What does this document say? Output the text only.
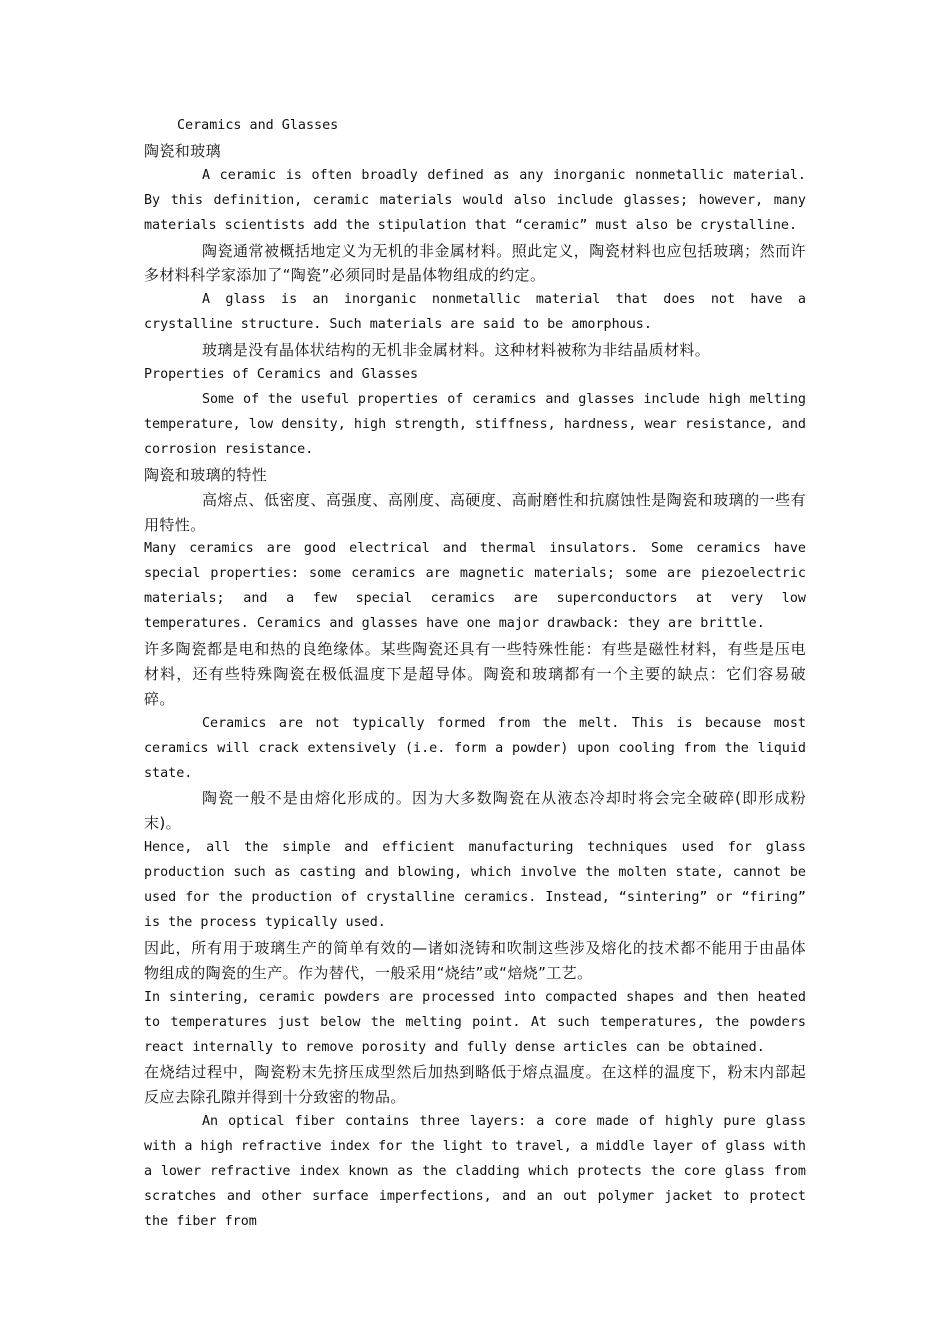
Ceramics and Glasses

陶瓷和玻璃

A ceramic is often broadly defined as any inorganic nonmetallic material. By this definition, ceramic materials would also include glasses; however, many materials scientists add the stipulation that “ceramic” must also be crystalline.

陶瓷通常被概括地定义为无机的非金属材料。照此定义，陶瓷材料也应包括玻璃；然而许多材料科学家添加了“陶瓷”必须同时是晶体物组成的约定。

A glass is an inorganic nonmetallic material that does not have a crystalline structure. Such materials are said to be amorphous.

玻璃是没有晶体状结构的无机非金属材料。这种材料被称为非结晶质材料。

Properties of Ceramics and Glasses

Some of the useful properties of ceramics and glasses include high melting temperature, low density, high strength, stiffness, hardness, wear resistance, and corrosion resistance.

陶瓷和玻璃的特性

高熔点、低密度、高强度、高刚度、高硬度、高耐磨性和抗腐蚀性是陶瓷和玻璃的一些有用特性。

Many ceramics are good electrical and thermal insulators. Some ceramics have special properties: some ceramics are magnetic materials; some are piezoelectric materials; and a few special ceramics are superconductors at very low temperatures. Ceramics and glasses have one major drawback: they are brittle.

许多陶瓷都是电和热的良绝缘体。某些陶瓷还具有一些特殊性能：有些是磁性材料，有些是压电材料，还有些特殊陶瓷在极低温度下是超导体。陶瓷和玻璃都有一个主要的缺点：它们容易破碎。

Ceramics are not typically formed from the melt. This is because most ceramics will crack extensively (i.e. form a powder) upon cooling from the liquid state.

陶瓷一般不是由熔化形成的。因为大多数陶瓷在从液态冷却时将会完全破碎(即形成粉末)。

Hence, all the simple and efficient manufacturing techniques used for glass production such as casting and blowing, which involve the molten state, cannot be used for the production of crystalline ceramics. Instead, “sintering” or “firing” is the process typically used.

因此，所有用于玻璃生产的简单有效的—诸如浇铸和吹制这些涉及熔化的技术都不能用于由晶体物组成的陶瓷的生产。作为替代，一般采用“烧结”或“焙烧”工艺。

In sintering, ceramic powders are processed into compacted shapes and then heated to temperatures just below the melting point. At such temperatures, the powders react internally to remove porosity and fully dense articles can be obtained.

在烧结过程中，陶瓷粉末先挤压成型然后加热到略低于熔点温度。在这样的温度下，粉末内部起反应去除孔隙并得到十分致密的物品。

An optical fiber contains three layers: a core made of highly pure glass with a high refractive index for the light to travel, a middle layer of glass with a lower refractive index known as the cladding which protects the core glass from scratches and other surface imperfections, and an out polymer jacket to protect the fiber from
